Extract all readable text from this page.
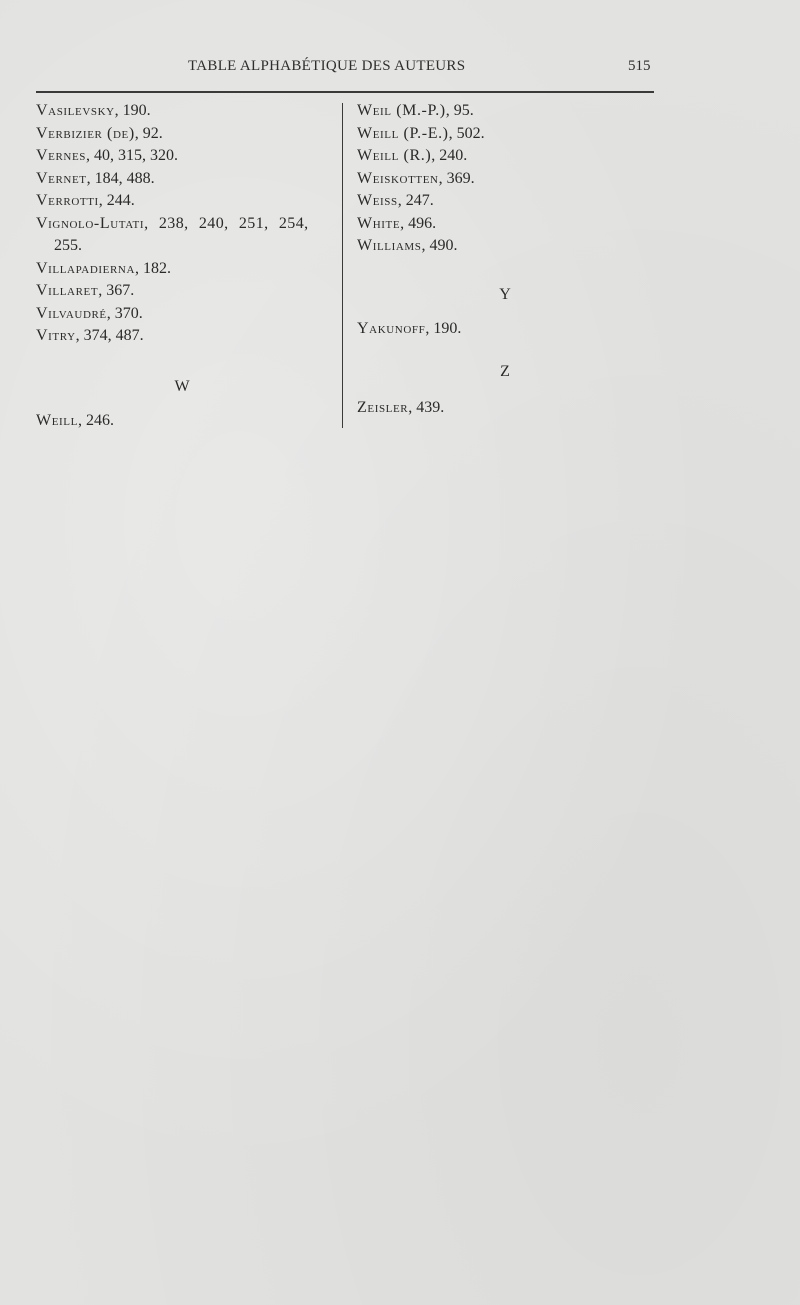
TABLE ALPHABÉTIQUE DES AUTEURS	515
Vasilevsky, 190.
Verbizier (de), 92.
Vernes, 40, 315, 320.
Vernet, 184, 488.
Verrotti, 244.
Vignolo-Lutati, 238, 240, 251, 254,
255.
Villapadierna, 182.
Villaret, 367.
Vilvaudré, 370.
Vitry, 374, 487.
W
Weill, 246.
Weil (M.-P.), 95.
Weill (P.-E.), 502.
Weill (R.), 240.
Weiskotten, 369.
Weiss, 247.
White, 496.
Williams, 490.
Y
Yakunoff, 190.
Z
Zeisler, 439.
